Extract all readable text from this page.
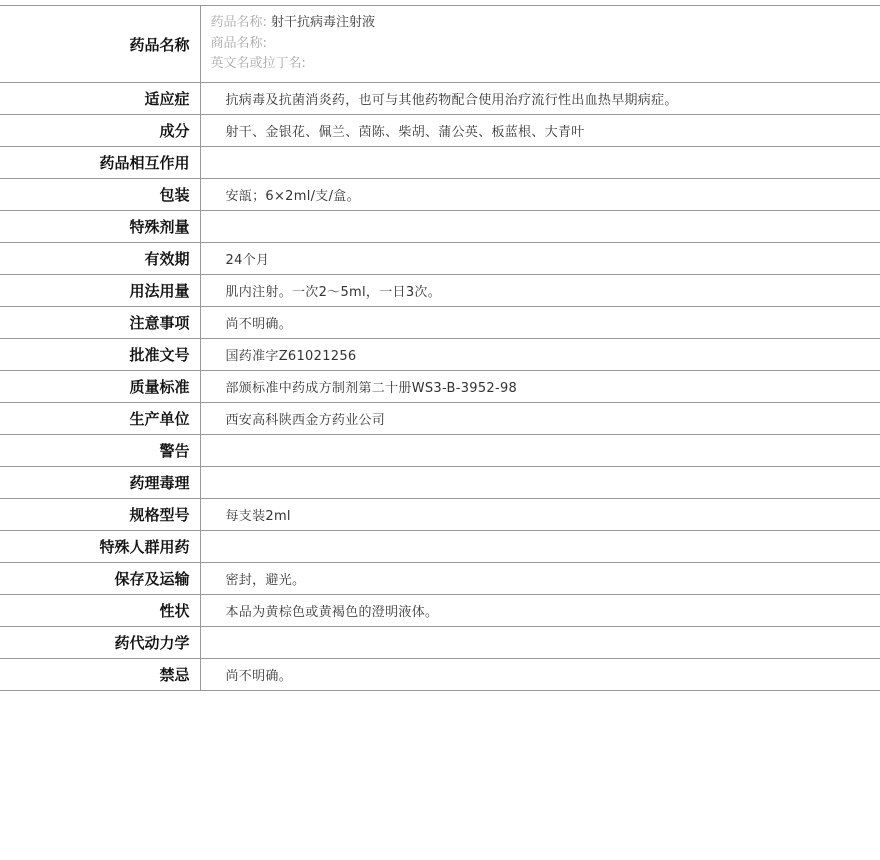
药品名称	药品名称: 射干抗病毒注射液
商品名称:
英文名或拉丁名:

适应症	抗病毒及抗菌消炎药，也可与其他药物配合使用治疗流行性出血热早期病症。
成分	射干、金银花、佩兰、茵陈、柴胡、蒲公英、板蓝根、大青叶
药品相互作用	
包装	安瓿；6×2ml/支/盒。
特殊剂量	
有效期	24个月
用法用量	肌内注射。一次2～5ml，一日3次。
注意事项	尚不明确。
批准文号	国药准字Z61021256
质量标准	部颁标准中药成方制剂第二十册WS3-B-3952-98
生产单位	西安高科陕西金方药业公司
警告	
药理毒理	
规格型号	每支装2ml
特殊人群用药	
保存及运输	密封，避光。
性状	本品为黄棕色或黄褐色的澄明液体。
药代动力学	
禁忌	尚不明确。
